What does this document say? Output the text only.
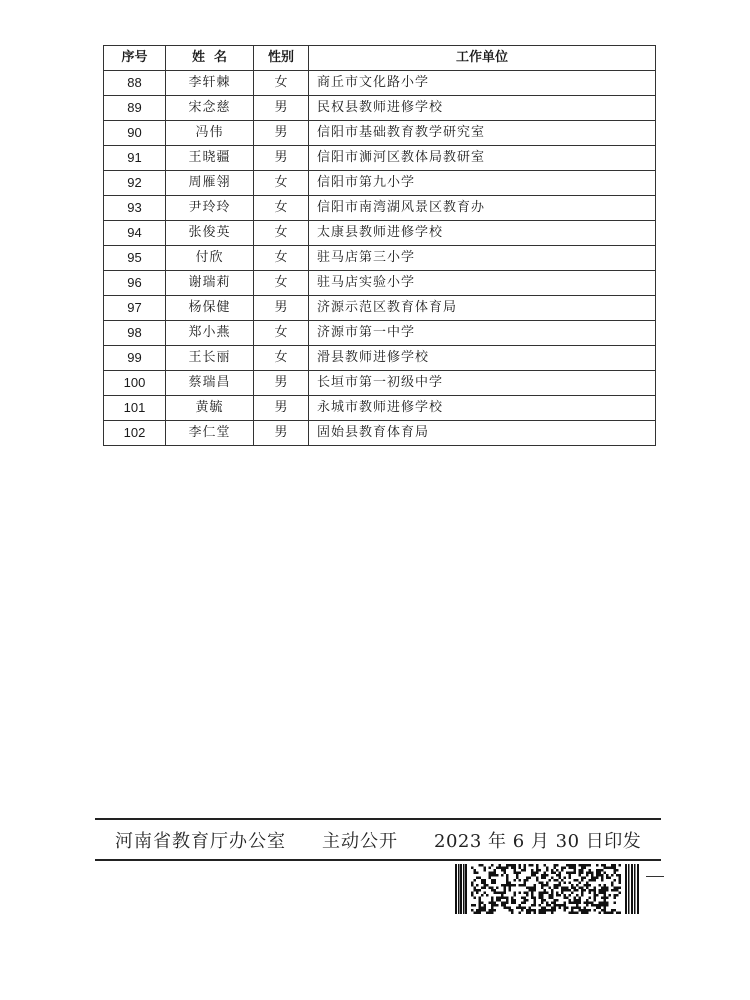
序号	姓  名	性别	工作单位
88	李轩棘	女	商丘市文化路小学
89	宋念慈	男	民权县教师进修学校
90	冯伟	男	信阳市基础教育教学研究室
91	王晓疆	男	信阳市浉河区教体局教研室
92	周雁翎	女	信阳市第九小学
93	尹玲玲	女	信阳市南湾湖风景区教育办
94	张俊英	女	太康县教师进修学校
95	付欣	女	驻马店第三小学
96	谢瑞莉	女	驻马店实验小学
97	杨保健	男	济源示范区教育体育局
98	郑小燕	女	济源市第一中学
99	王长丽	女	滑县教师进修学校
100	蔡瑞昌	男	长垣市第一初级中学
101	黄毓	男	永城市教师进修学校
102	李仁堂	男	固始县教育体育局
河南省教育厅办公室 主动公开 2023 年 6 月 30 日印发
